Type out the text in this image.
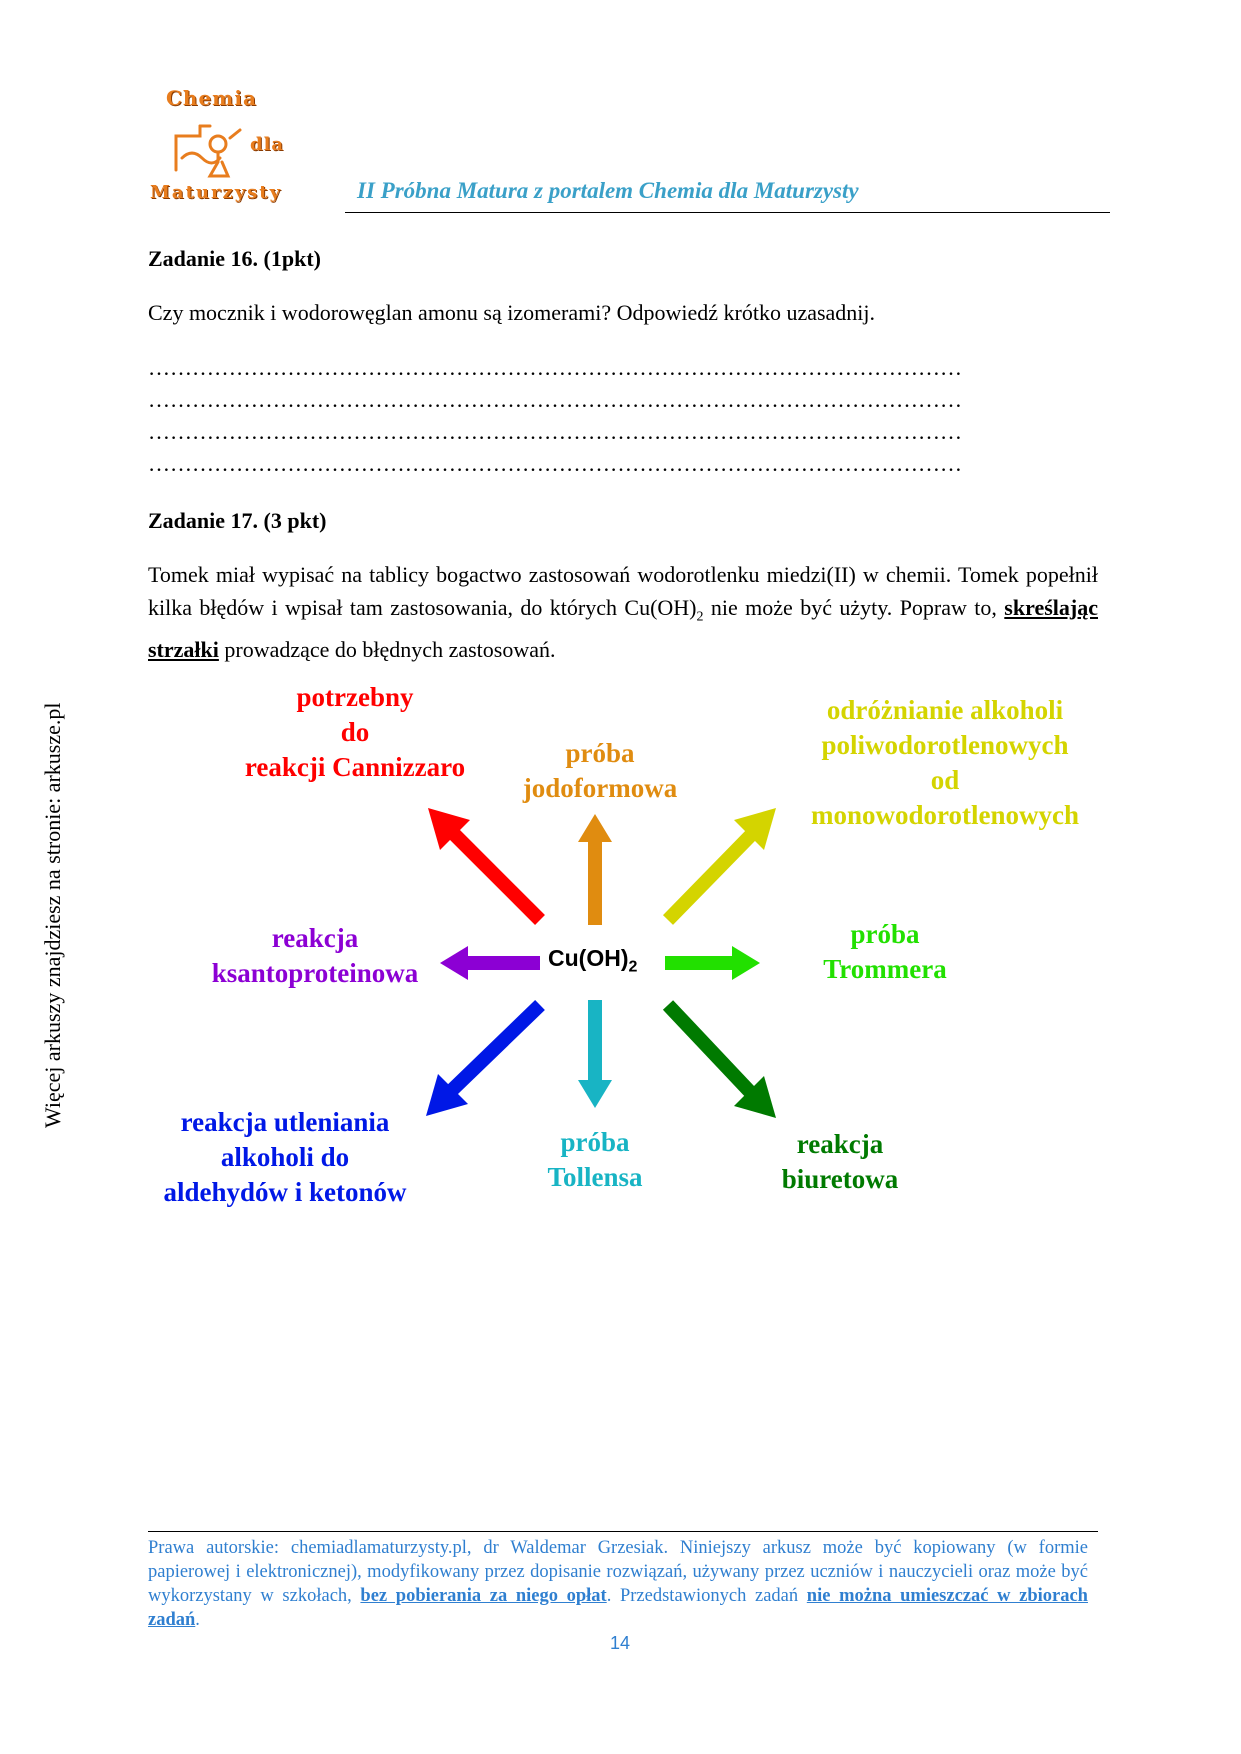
Chemia
dla
Maturzysty	II Próbna Matura z portalem Chemia dla Maturzysty
Więcej arkuszy znajdziesz na stronie: arkusze.pl
Zadanie 16. (1pkt)
Czy mocznik i wodorowęglan amonu są izomerami? Odpowiedź krótko uzasadnij.
…………………………………………………………………………………………………
…………………………………………………………………………………………………
…………………………………………………………………………………………………
…………………………………………………………………………………………………
Zadanie 17. (3 pkt)
Tomek miał wypisać na tablicy bogactwo zastosowań wodorotlenku miedzi(II) w chemii. Tomek popełnił kilka błędów i wpisał tam zastosowania, do których $Cu(OH)_2$ nie może być użyty. Popraw to, skreślając strzałki prowadzące do błędnych zastosowań.
$Cu(OH)_2$
potrzebny
do
reakcji Cannizzaro	próba
jodoformowa
odróżnianie alkoholi
poliwodorotlenowych
od
monowodorotlenowych
reakcja
ksantoproteinowa
próba
Trommera
reakcja utleniania
alkoholi do
aldehydów i ketonów
próba
Tollensa
reakcja
biuretowa
Prawa autorskie: chemiadlamaturzysty.pl, dr Waldemar Grzesiak. Niniejszy arkusz może być kopiowany (w formie papierowej i elektronicznej), modyfikowany przez dopisanie rozwiązań, używany przez uczniów i nauczycieli oraz może być wykorzystany w szkołach, bez pobierania za niego opłat. Przedstawionych zadań nie można umieszczać w zbiorach zadań.
14
